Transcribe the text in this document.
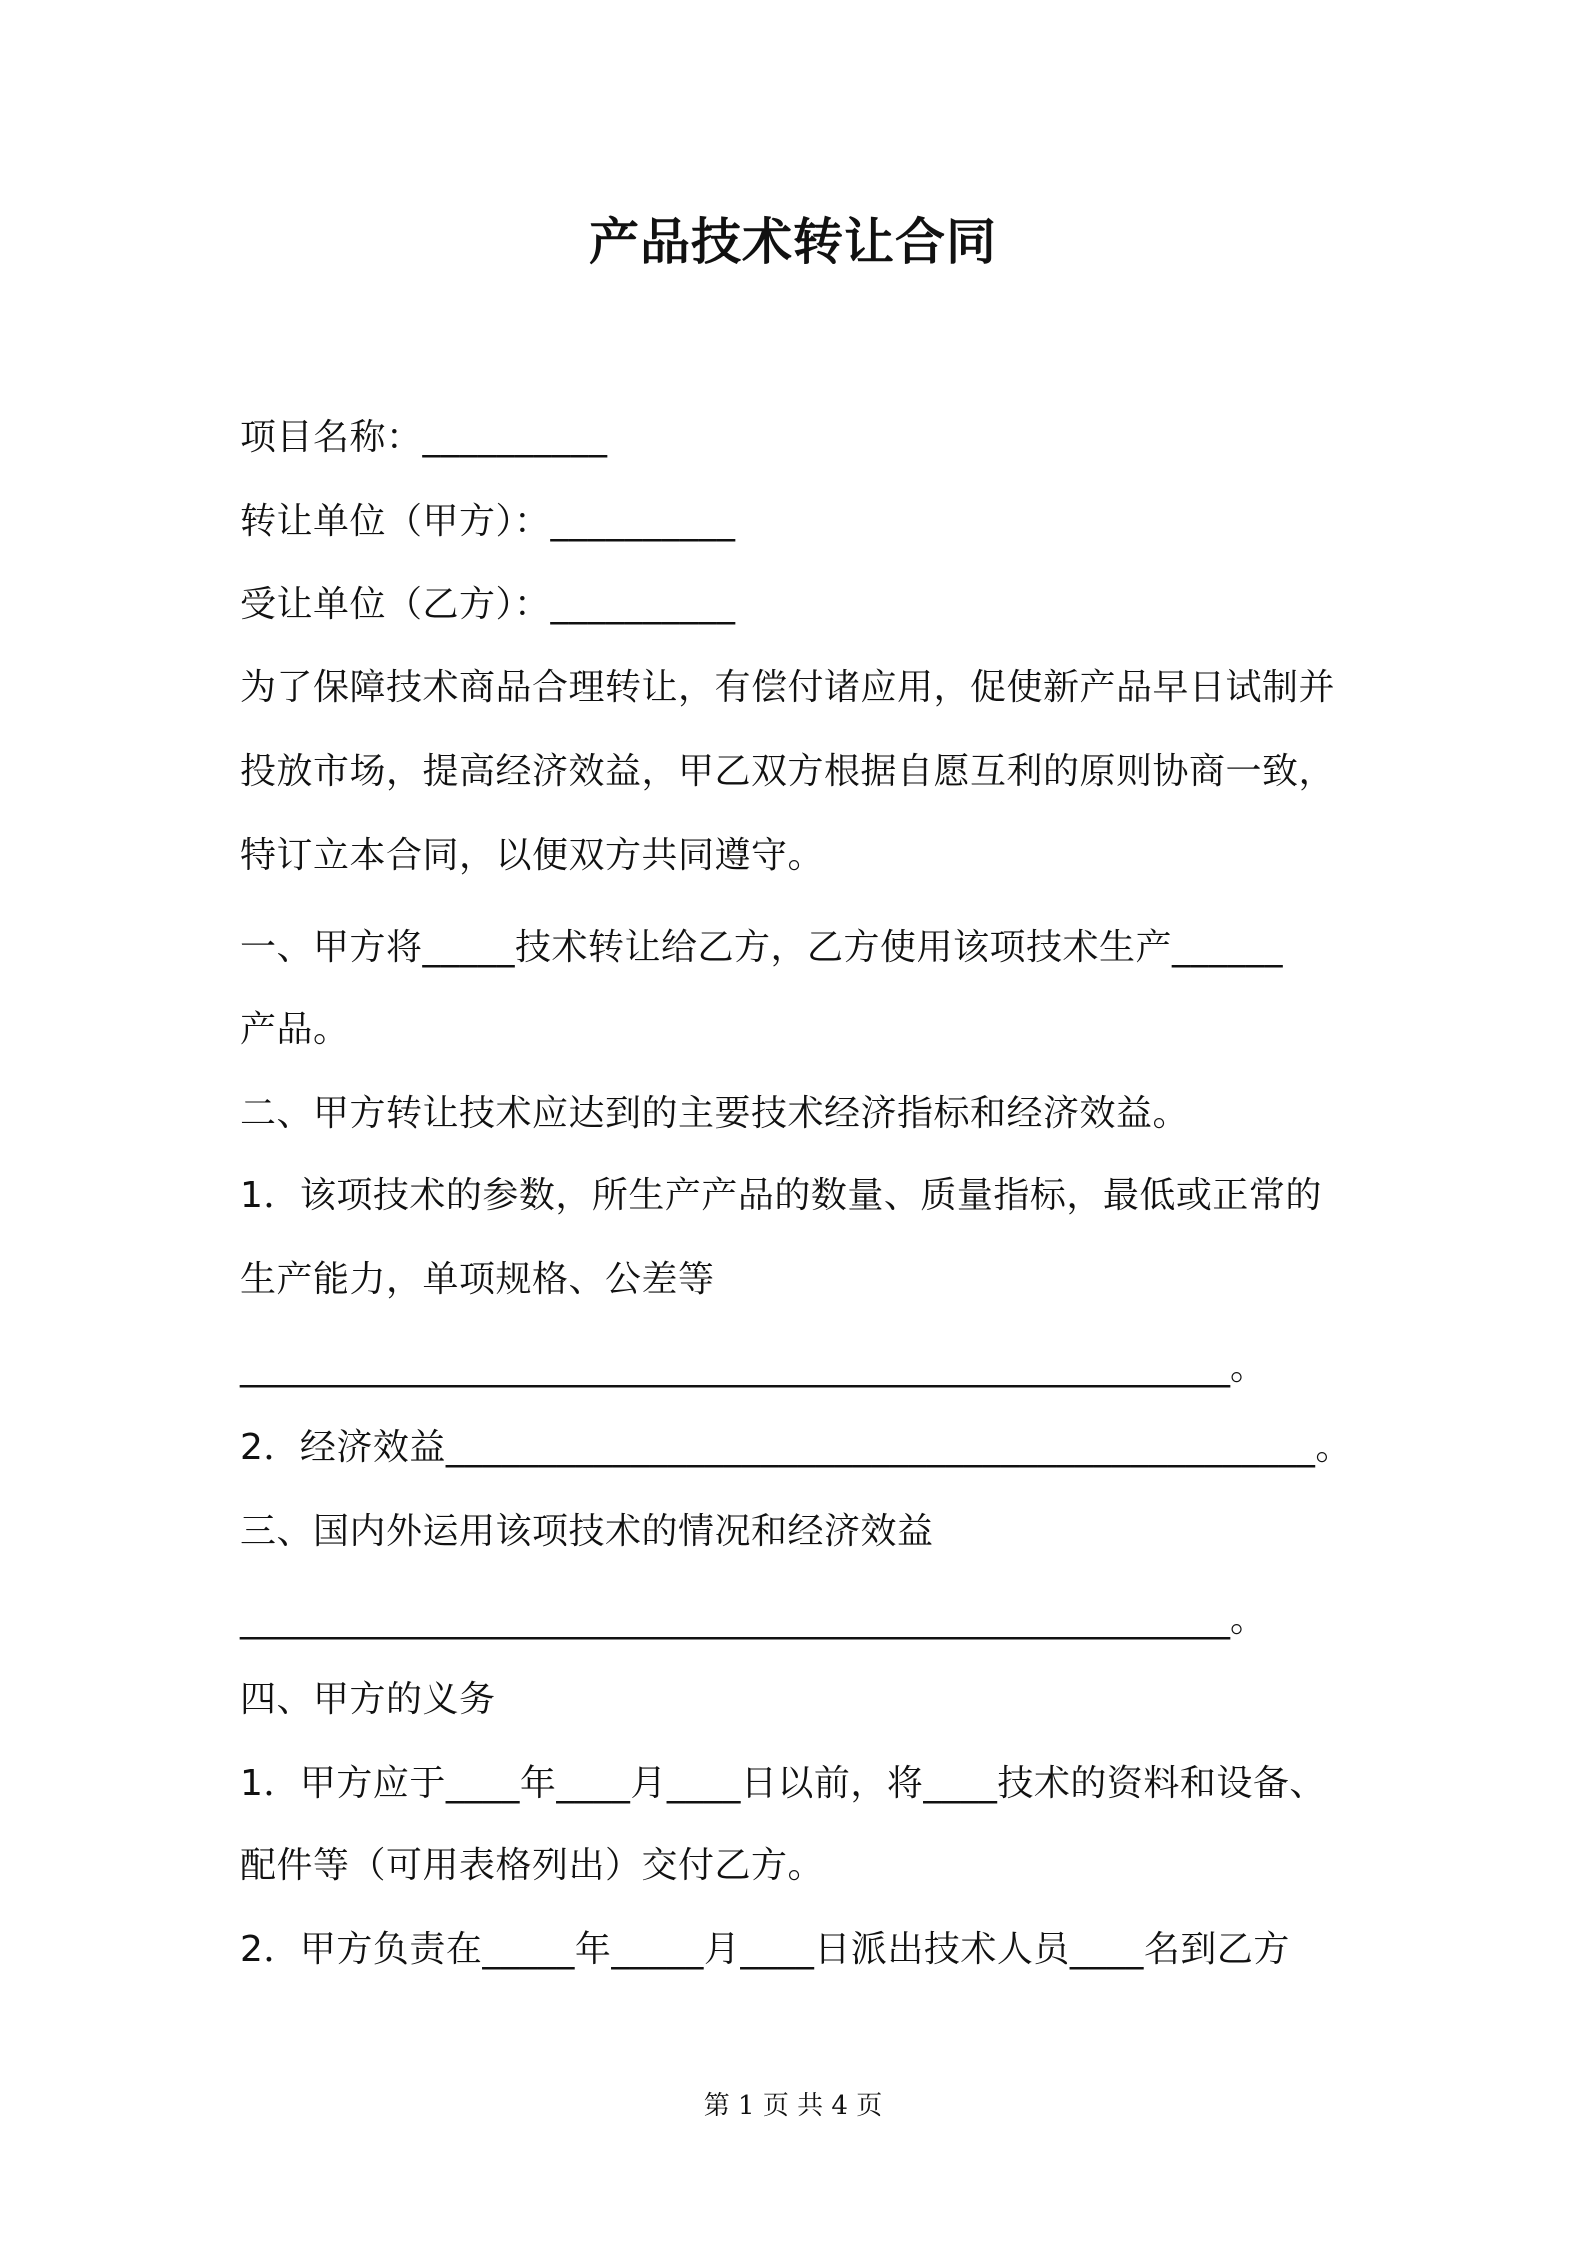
产品技术转让合同
项目名称：__________
转让单位（甲方）：__________
受让单位（乙方）：__________
为了保障技术商品合理转让，有偿付诸应用，促使新产品早日试制并
投放市场，提高经济效益，甲乙双方根据自愿互利的原则协商一致，
特订立本合同，以便双方共同遵守。
一、甲方将_____技术转让给乙方，乙方使用该项技术生产______
产品。
二、甲方转让技术应达到的主要技术经济指标和经济效益。
1．该项技术的参数，所生产产品的数量、质量指标，最低或正常的
生产能力，单项规格、公差等
_______________________________________________________。
2．经济效益_______________________________________________。
三、国内外运用该项技术的情况和经济效益
_______________________________________________________。
四、甲方的义务
1．甲方应于____年____月____日以前，将____技术的资料和设备、
配件等（可用表格列出）交付乙方。
2．甲方负责在_____年_____月____日派出技术人员____名到乙方
第 1 页 共 4 页
